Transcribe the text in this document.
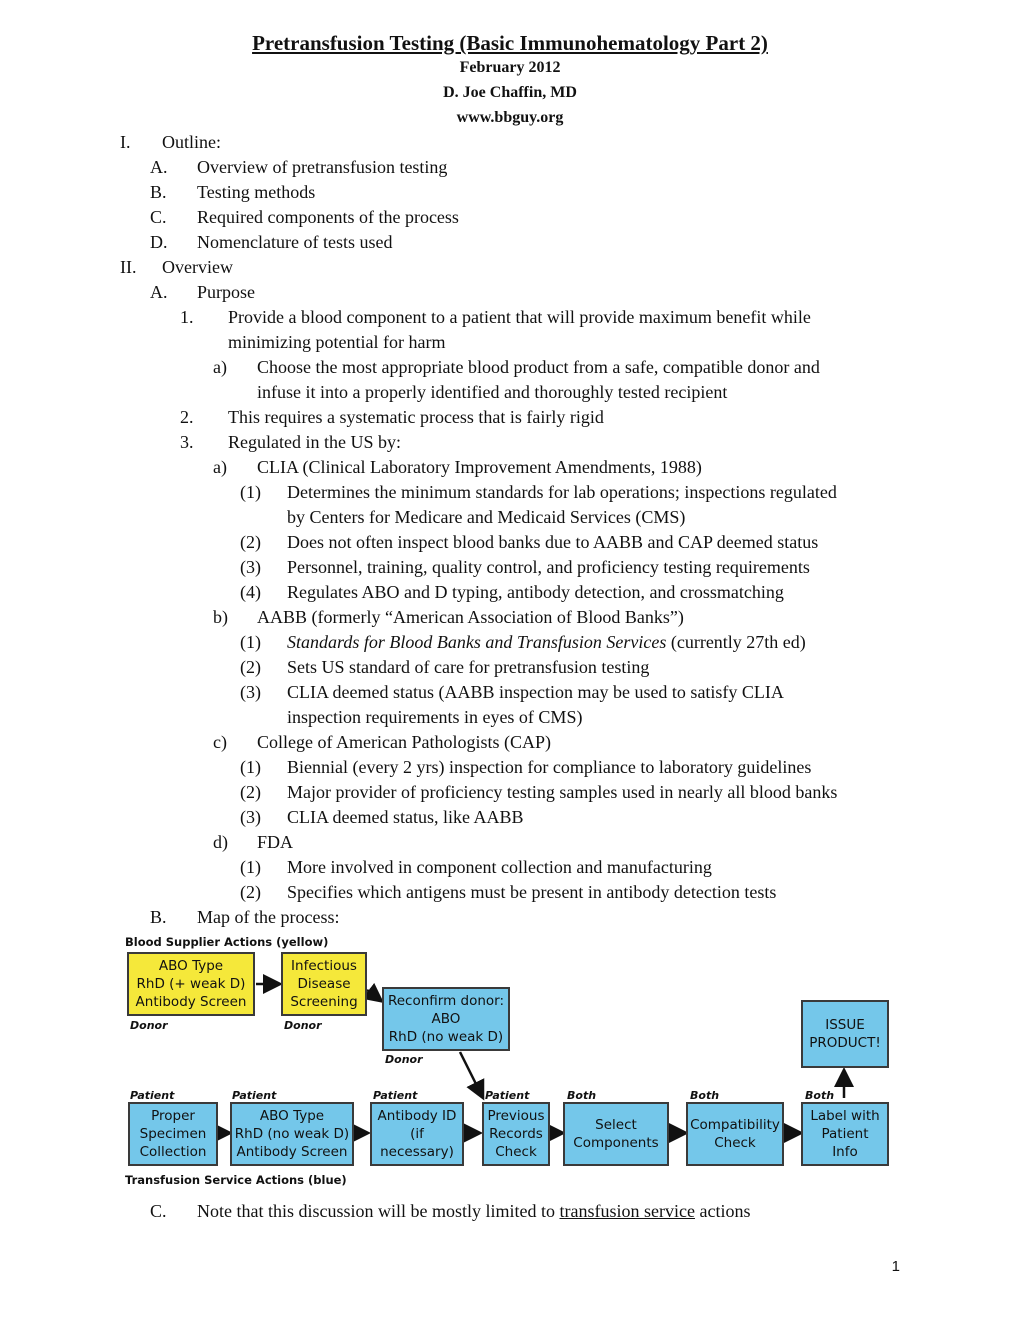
Pretransfusion Testing (Basic Immunohematology Part 2)
February 2012
D. Joe Chaffin, MD
www.bbguy.org
I. Outline:
A. Overview of pretransfusion testing
B. Testing methods
C. Required components of the process
D. Nomenclature of tests used
II. Overview
A. Purpose
1. Provide a blood component to a patient that will provide maximum benefit while
minimizing potential for harm
a) Choose the most appropriate blood product from a safe, compatible donor and
infuse it into a properly identified and thoroughly tested recipient
2. This requires a systematic process that is fairly rigid
3. Regulated in the US by:
a) CLIA (Clinical Laboratory Improvement Amendments, 1988)
(1) Determines the minimum standards for lab operations; inspections regulated
by Centers for Medicare and Medicaid Services (CMS)
(2) Does not often inspect blood banks due to AABB and CAP deemed status
(3) Personnel, training, quality control, and proficiency testing requirements
(4) Regulates ABO and D typing, antibody detection, and crossmatching
b) AABB (formerly “American Association of Blood Banks”)
(1) Standards for Blood Banks and Transfusion Services (currently 27th ed)
(2) Sets US standard of care for pretransfusion testing
(3) CLIA deemed status (AABB inspection may be used to satisfy CLIA
inspection requirements in eyes of CMS)
c) College of American Pathologists (CAP)
(1) Biennial (every 2 yrs) inspection for compliance to laboratory guidelines
(2) Major provider of proficiency testing samples used in nearly all blood banks
(3) CLIA deemed status, like AABB
d) FDA
(1) More involved in component collection and manufacturing
(2) Specifies which antigens must be present in antibody detection tests
B. Map of the process:
Blood Supplier Actions (yellow)
ABO Type
RhD (+ weak D)
Antibody Screen
Donor
Infectious
Disease
Screening
Donor
Reconfirm donor:
ABO
RhD (no weak D)
Donor
ISSUE
PRODUCT!
Patient
Proper
Specimen
Collection
Patient
ABO Type
RhD (no weak D)
Antibody Screen
Patient
Antibody ID
(if necessary)
Patient
Previous
Records
Check
Both
Select
Components
Both
Compatibility
Check
Both
Label with
Patient
Info
Transfusion Service Actions (blue)
C. Note that this discussion will be mostly limited to transfusion service actions
1
